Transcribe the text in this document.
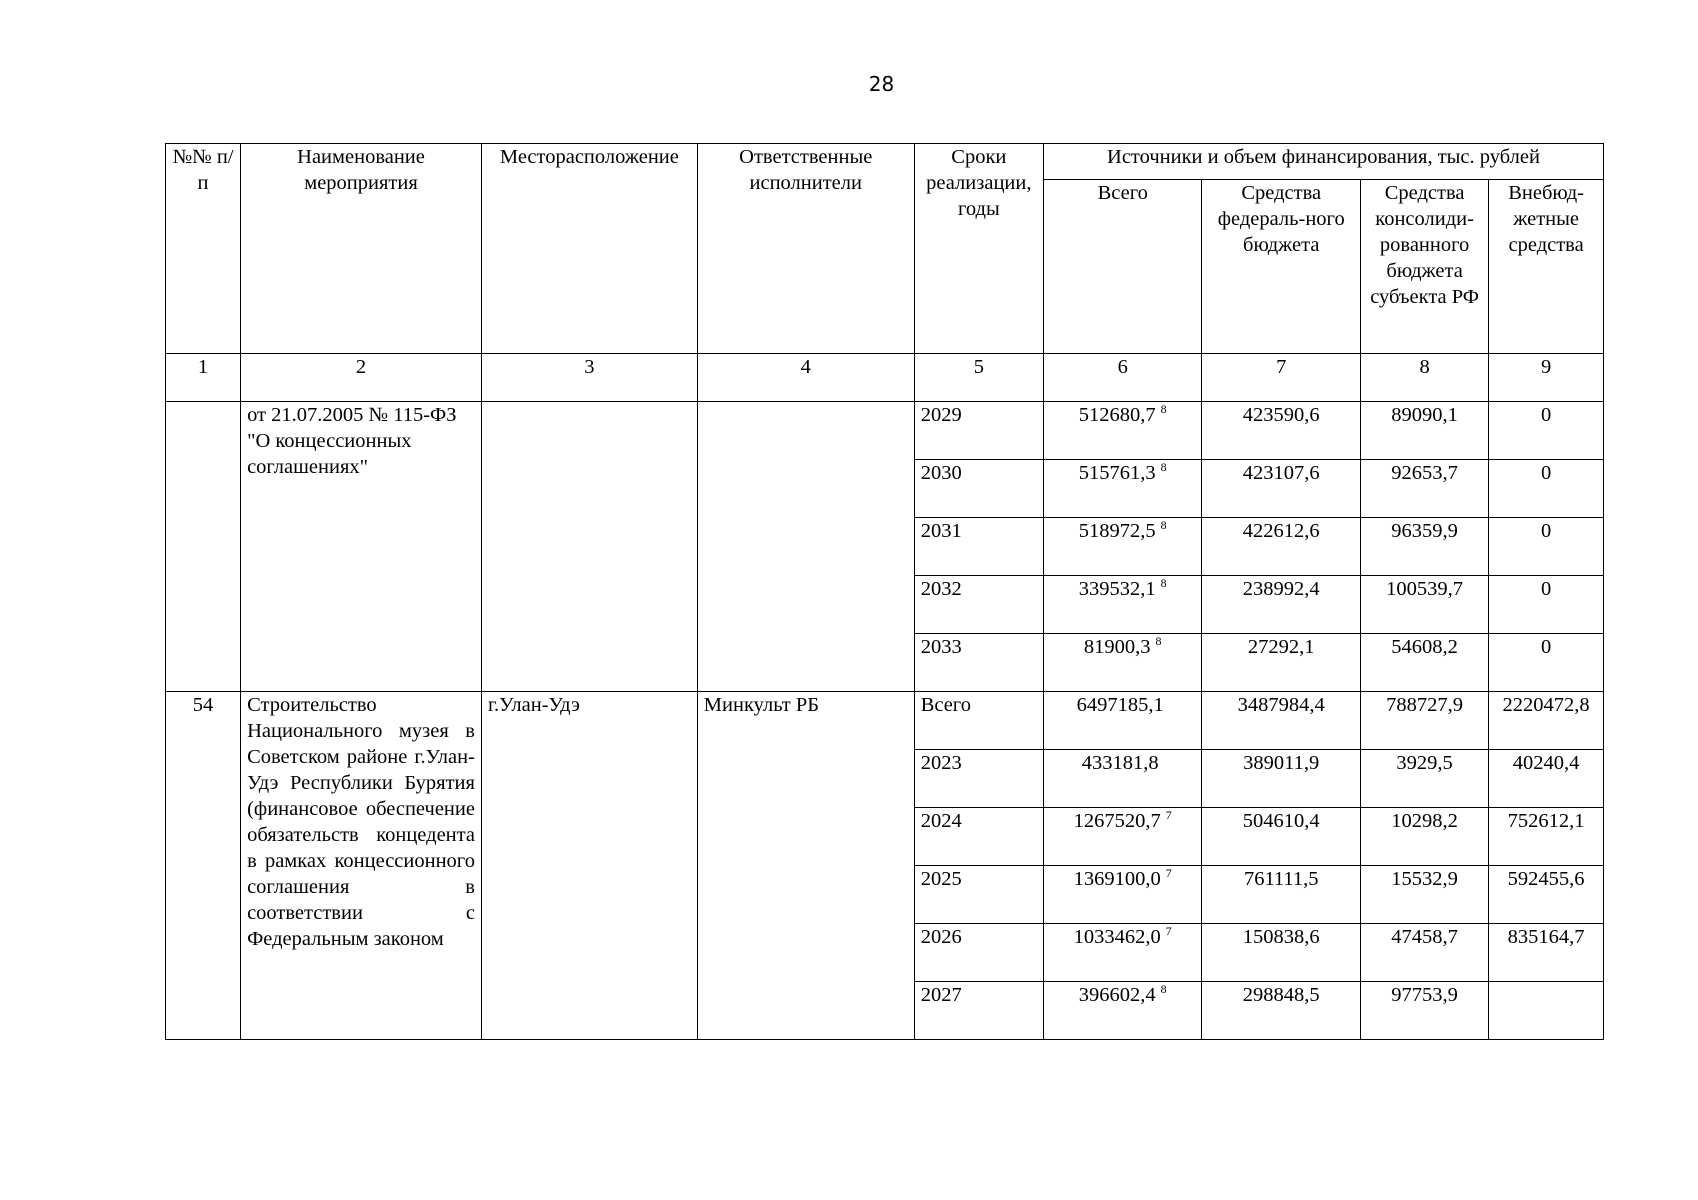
28
№№ п/п	Наименование мероприятия	Месторасположение	Ответственные исполнители	Сроки реализации, годы	Источники и объем финансирования, тыс. рублей			
					Всего	Средства федераль-ного бюджета	Средства консолиди-рованного бюджета субъекта РФ	Внебюд-жетные средства
1	2	3	4	5	6	7	8	9
	от 21.07.2005 № 115-ФЗ "О концессионных соглашениях"			2029	512680,7 $^8$	423590,6	89090,1	0
				2030	515761,3 $^8$	423107,6	92653,7	0
				2031	518972,5 $^8$	422612,6	96359,9	0
				2032	339532,1 $^8$	238992,4	100539,7	0
				2033	81900,3 $^8$	27292,1	54608,2	0
54	Строительство Национального музея в Советском районе г.Улан-Удэ Республики Бурятия (финансовое обеспечение обязательств концедента в рамках концессионного соглашения в соответствии с Федеральным законом	г.Улан-Удэ	Минкульт РБ	Всего	6497185,1	3487984,4	788727,9	2220472,8
				2023	433181,8	389011,9	3929,5	40240,4
				2024	1267520,7 $^7$	504610,4	10298,2	752612,1
				2025	1369100,0 $^7$	761111,5	15532,9	592455,6
				2026	1033462,0 $^7$	150838,6	47458,7	835164,7
				2027	396602,4 $^8$	298848,5	97753,9	
